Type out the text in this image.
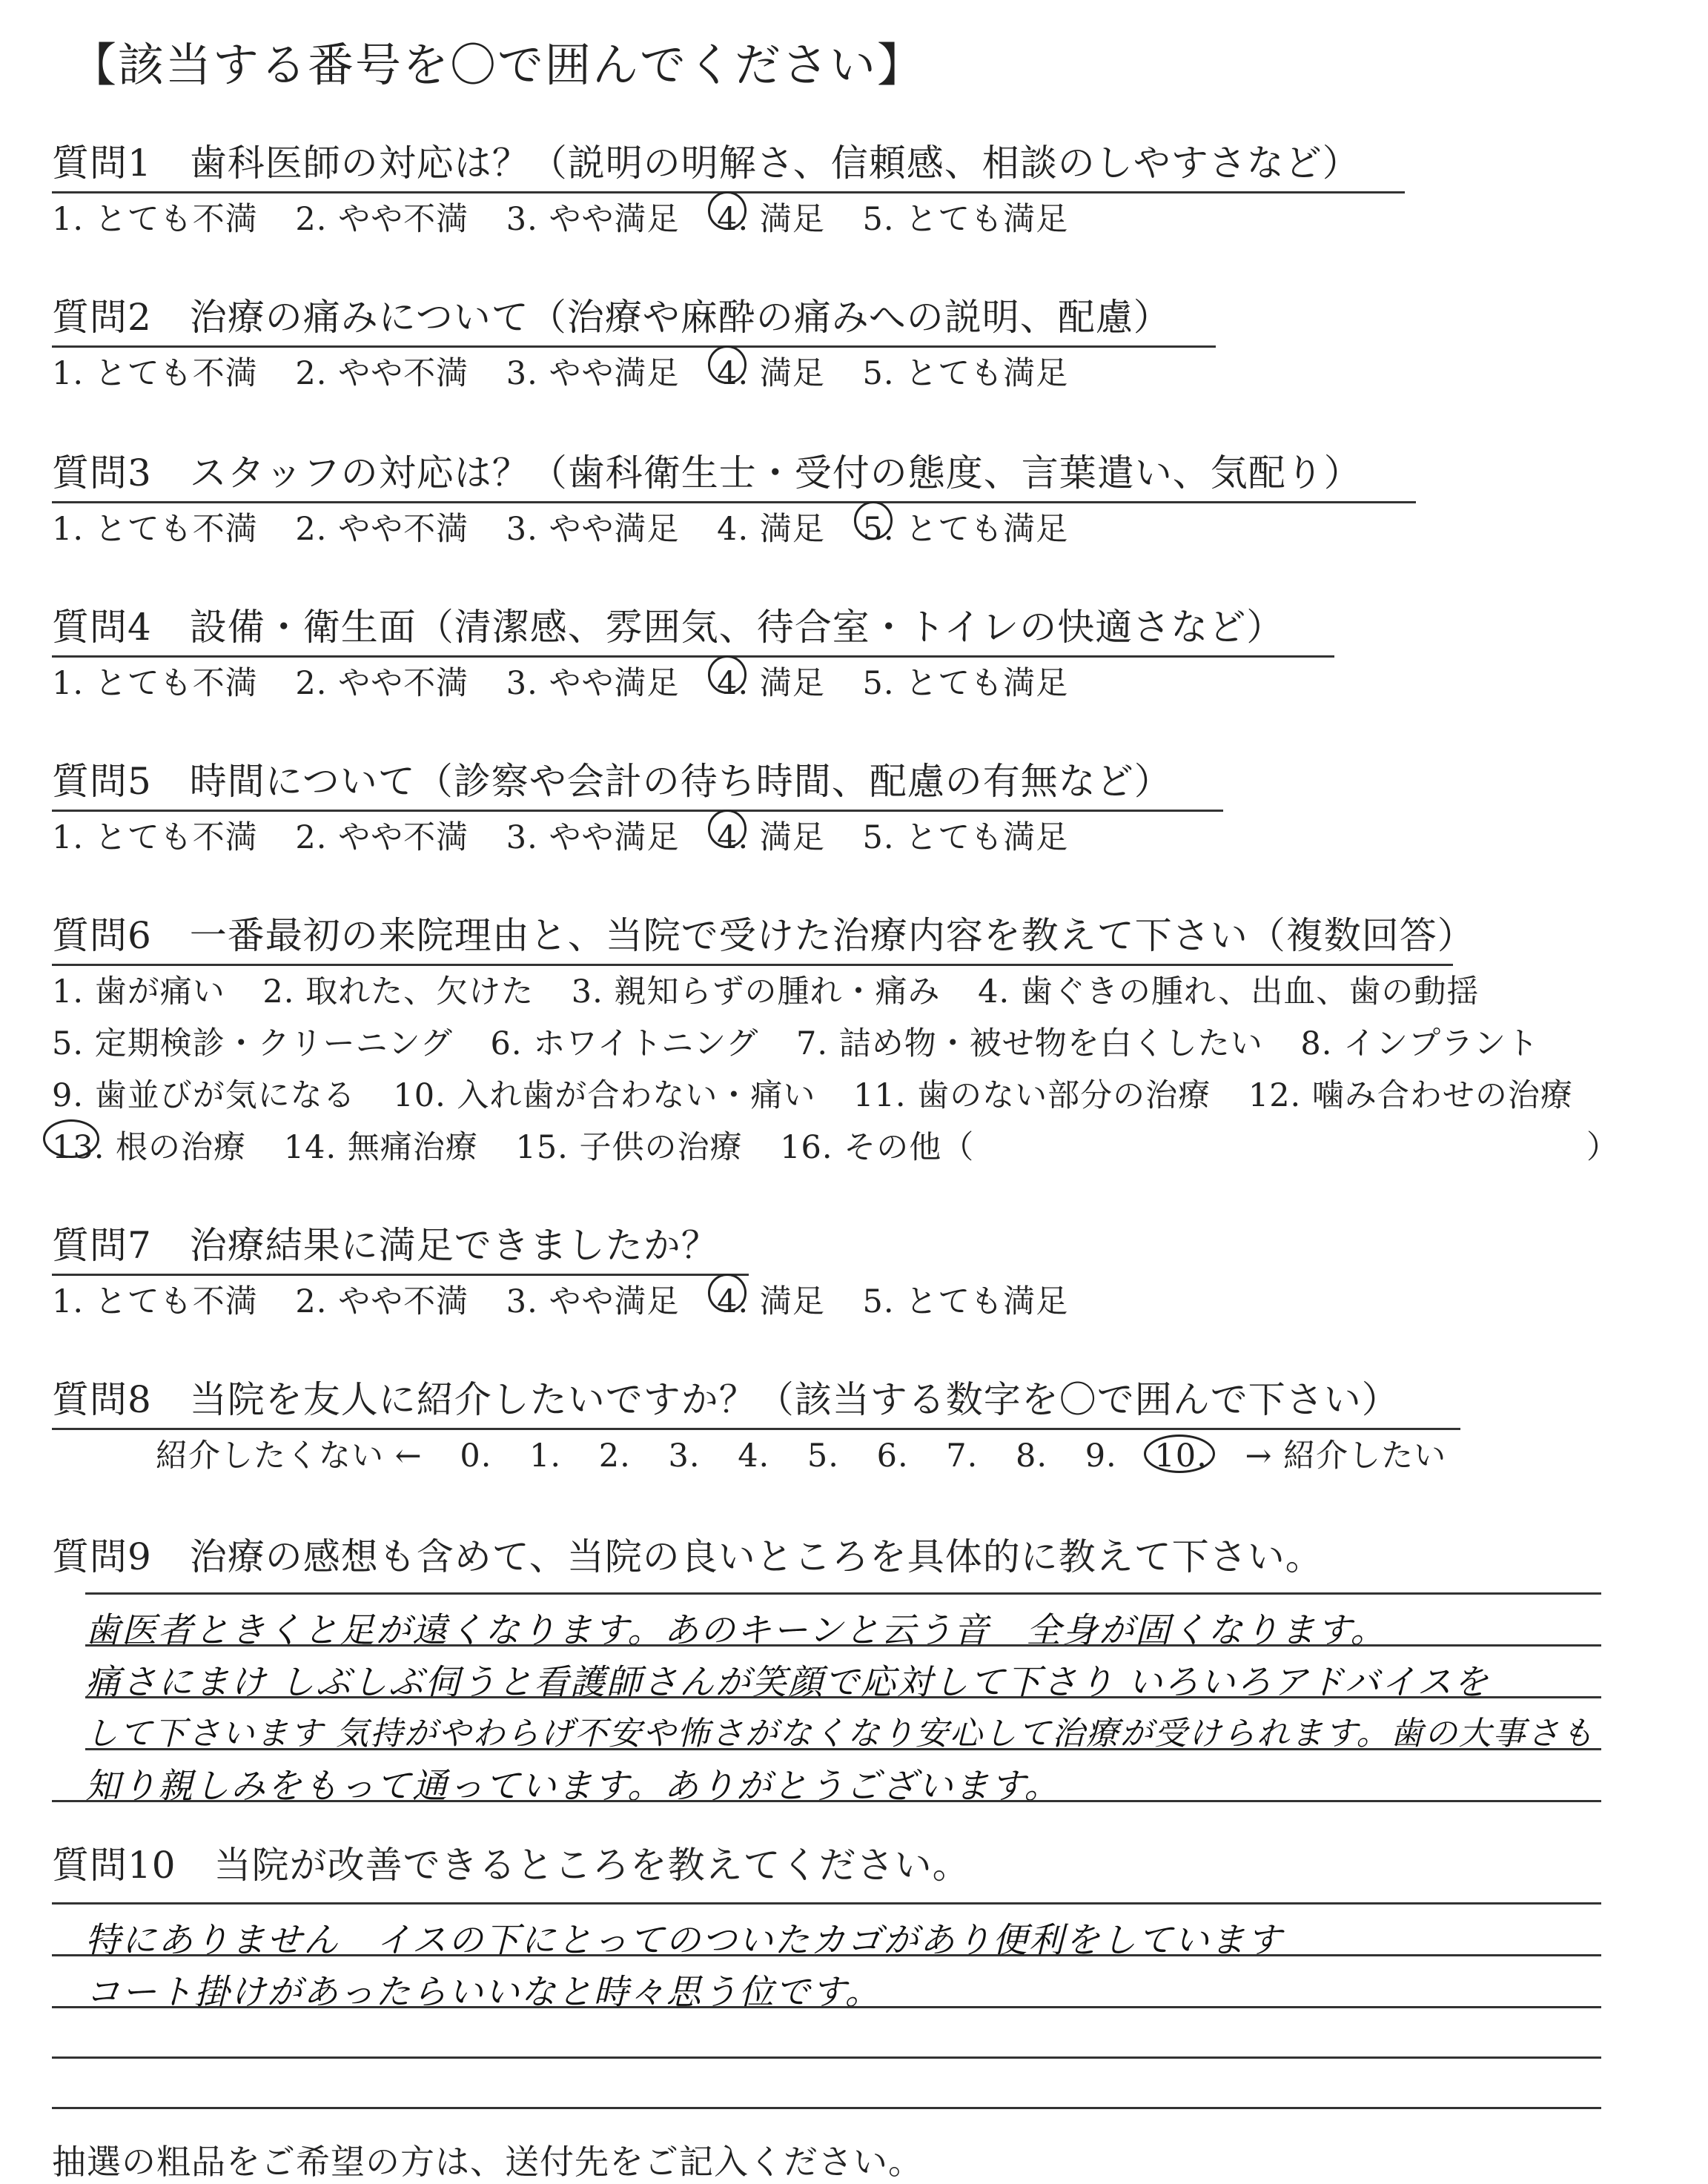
【該当する番号を〇で囲んでください】
質問1　歯科医師の対応は？（説明の明解さ、信頼感、相談のしやすさなど）
1. とても不満 2. やや不満 3. やや満足 4. 満足 5. とても満足
質問2　治療の痛みについて（治療や麻酔の痛みへの説明、配慮）
1. とても不満 2. やや不満 3. やや満足 4. 満足 5. とても満足
質問3　スタッフの対応は？（歯科衛生士・受付の態度、言葉遣い、気配り）
1. とても不満 2. やや不満 3. やや満足 4. 満足 5. とても満足
質問4　設備・衛生面（清潔感、雰囲気、待合室・トイレの快適さなど）
1. とても不満 2. やや不満 3. やや満足 4. 満足 5. とても満足
質問5　時間について（診察や会計の待ち時間、配慮の有無など）
1. とても不満 2. やや不満 3. やや満足 4. 満足 5. とても満足
質問6　一番最初の来院理由と、当院で受けた治療内容を教えて下さい（複数回答）
1. 歯が痛い 2. 取れた、欠けた 3. 親知らずの腫れ・痛み 4. 歯ぐきの腫れ、出血、歯の動揺
5. 定期検診・クリーニング 6. ホワイトニング 7. 詰め物・被せ物を白くしたい 8. インプラント
9. 歯並びが気になる 10. 入れ歯が合わない・痛い 11. 歯のない部分の治療 12. 噛み合わせの治療
13. 根の治療 14. 無痛治療 15. 子供の治療 16. その他（	）
質問7　治療結果に満足できましたか？
1. とても不満 2. やや不満 3. やや満足 4. 満足 5. とても満足
質問8　当院を友人に紹介したいですか？（該当する数字を〇で囲んで下さい）
紹介したくない ← 0. 1. 2. 3. 4. 5. 6. 7. 8. 9. 10. → 紹介したい
質問9　治療の感想も含めて、当院の良いところを具体的に教えて下さい。
歯医者ときくと足が遠くなります。あのキーンと云う音　全身が固くなります。
痛さにまけ しぶしぶ伺うと看護師さんが笑顔で応対して下さり いろいろアドバイスを
して下さいます 気持がやわらげ不安や怖さがなくなり安心して治療が受けられます。歯の大事さも
知り親しみをもって通っています。ありがとうございます。
質問10　当院が改善できるところを教えてください。
特にありません　イスの下にとってのついたカゴがあり便利をしています
コート掛けがあったらいいなと時々思う位です。
抽選の粗品をご希望の方は、送付先をご記入ください。
